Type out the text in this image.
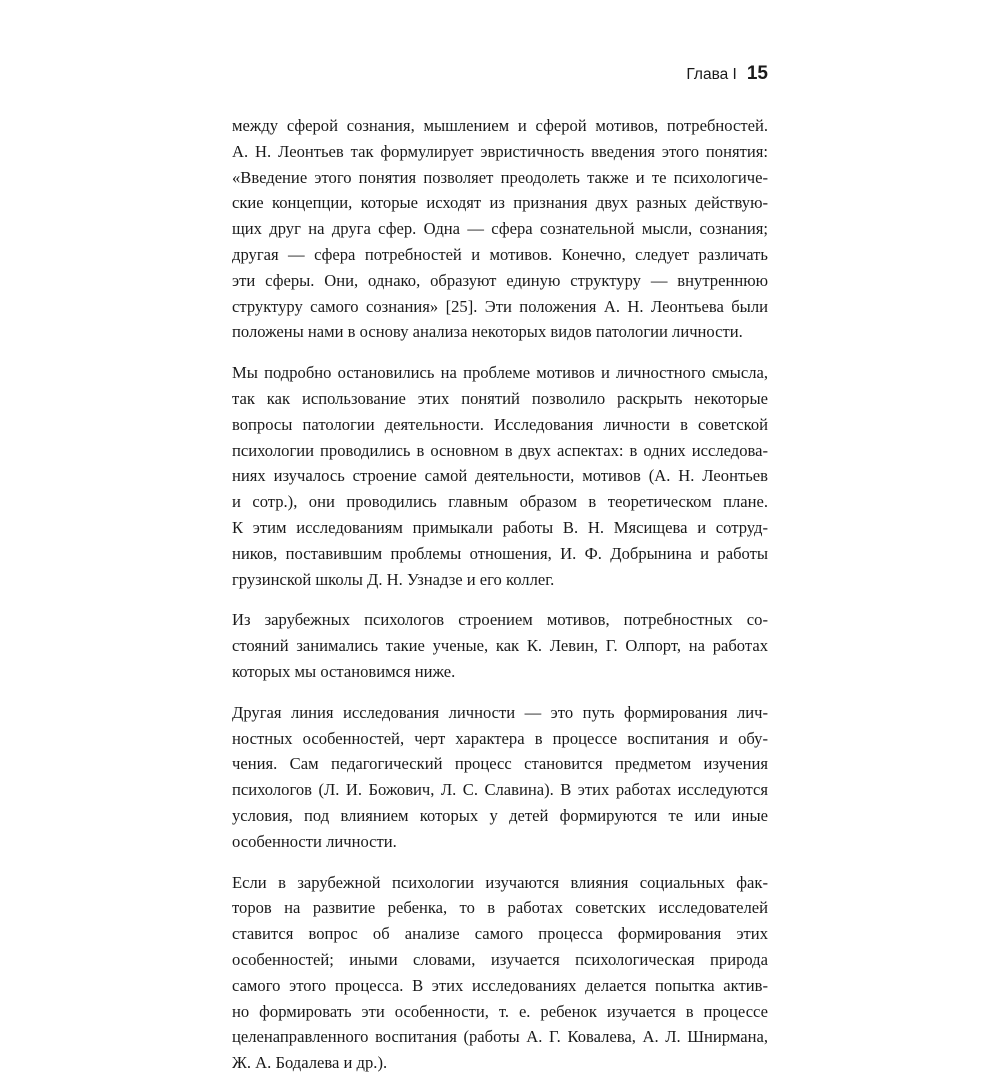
Глава I 15
между сферой сознания, мышлением и сферой мотивов, потребностей.
А. Н. Леонтьев так формулирует эвристичность введения этого понятия:
«Введение этого понятия позволяет преодолеть также и те психологиче-
ские концепции, которые исходят из признания двух разных действую-
щих друг на друга сфер. Одна — сфера сознательной мысли, сознания;
другая — сфера потребностей и мотивов. Конечно, следует различать
эти сферы. Они, однако, образуют единую структуру — внутреннюю
структуру самого сознания» [25]. Эти положения А. Н. Леонтьева были
положены нами в основу анализа некоторых видов патологии личности.
Мы подробно остановились на проблеме мотивов и личностного смысла,
так как использование этих понятий позволило раскрыть некоторые
вопросы патологии деятельности. Исследования личности в советской
психологии проводились в основном в двух аспектах: в одних исследова-
ниях изучалось строение самой деятельности, мотивов (А. Н. Леонтьев
и сотр.), они проводились главным образом в теоретическом плане.
К этим исследованиям примыкали работы В. Н. Мясищева и сотруд-
ников, поставившим проблемы отношения, И. Ф. Добрынина и работы
грузинской школы Д. Н. Узнадзе и его коллег.
Из зарубежных психологов строением мотивов, потребностных со-
стояний занимались такие ученые, как К. Левин, Г. Олпорт, на работах
которых мы остановимся ниже.
Другая линия исследования личности — это путь формирования лич-
ностных особенностей, черт характера в процессе воспитания и обу-
чения. Сам педагогический процесс становится предметом изучения
психологов (Л. И. Божович, Л. С. Славина). В этих работах исследуются
условия, под влиянием которых у детей формируются те или иные
особенности личности.
Если в зарубежной психологии изучаются влияния социальных фак-
торов на развитие ребенка, то в работах советских исследователей
ставится вопрос об анализе самого процесса формирования этих
особенностей; иными словами, изучается психологическая природа
самого этого процесса. В этих исследованиях делается попытка актив-
но формировать эти особенности, т. е. ребенок изучается в процессе
целенаправленного воспитания (работы А. Г. Ковалева, А. Л. Шнирмана,
Ж. А. Бодалева и др.).
